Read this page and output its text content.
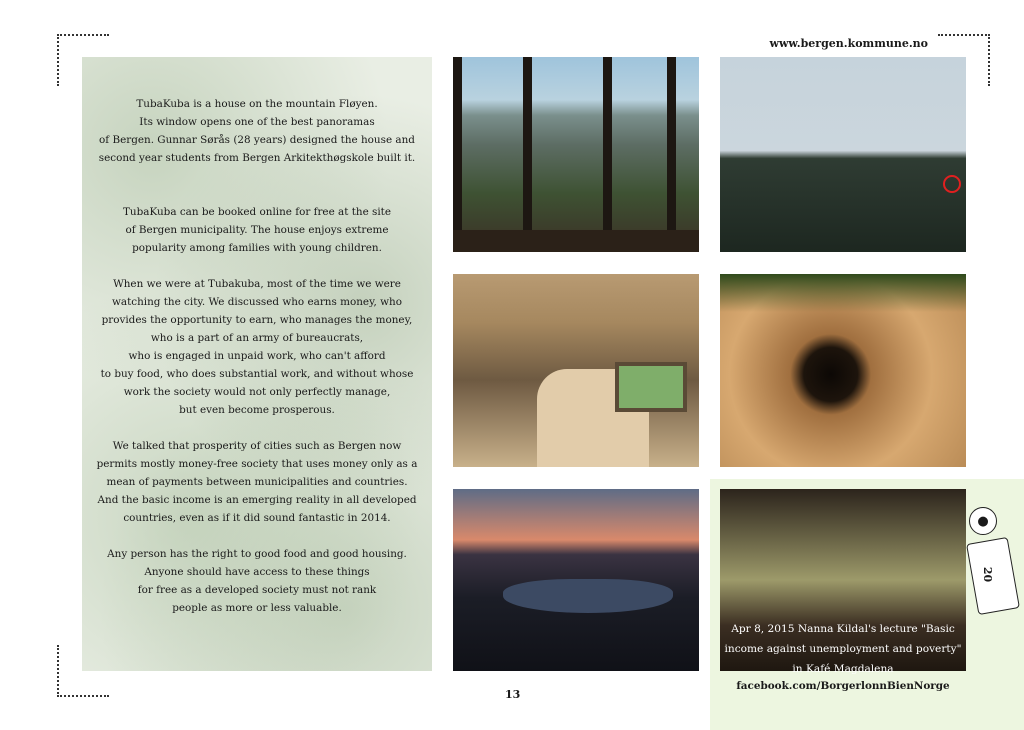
www.bergen.kommune.no

TubaKuba is a house on the mountain Fløyen.
Its window opens one of the best panoramas
of Bergen. Gunnar Sørås (28 years) designed the house and
second year students from Bergen Arkitekthøgskole built it.

TubaKuba can be booked online for free at the site
of Bergen municipality. The house enjoys extreme
popularity among families with young children.

When we were at Tubakuba, most of the time we were
watching the city. We discussed who earns money, who
provides the opportunity to earn, who manages the money,
who is a part of an army of bureaucrats,
who is engaged in unpaid work, who can't afford
to buy food, who does substantial work, and without whose
work the society would not only perfectly manage,
but even become prosperous.

We talked that prosperity of cities such as Bergen now
permits mostly money-free society that uses money only as a
mean of payments between municipalities and countries.
And the basic income is an emerging reality in all developed
countries, even as if it did sound fantastic in 2014.

Any person has the right to good food and good housing.
Anyone should have access to these things
for free as a developed society must not rank
people as more or less valuable.

Apr 8, 2015 Nanna Kildal's lecture "Basic
income against unemployment and poverty"
in Kafé Magdalena

●
20
facebook.com/BorgerlonnBienNorge
13
